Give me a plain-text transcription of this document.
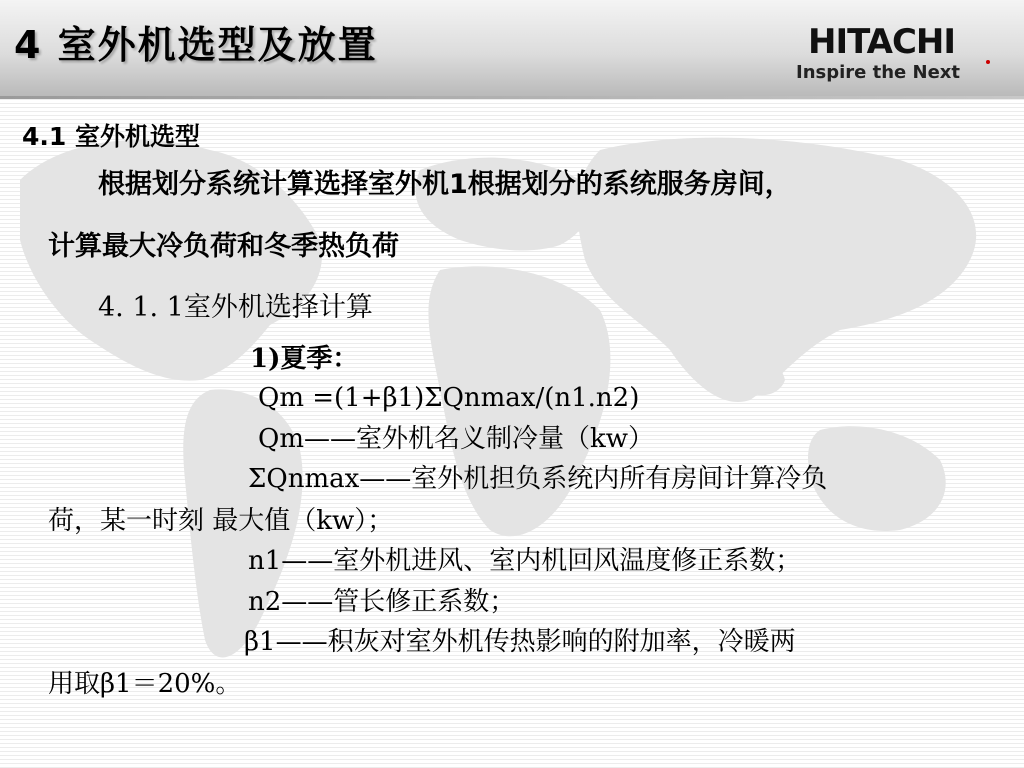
4 室外机选型及放置	HITACHI
Inspire the Next
4.1 室外机选型
根据划分系统计算选择室外机1根据划分的系统服务房间，
计算最大冷负荷和冬季热负荷
4. 1. 1室外机选择计算
1)夏季：
Qm =(1+β1)ΣQnmax/(n1.n2)
Qm——室外机名义制冷量（kw）
ΣQnmax——室外机担负系统内所有房间计算冷负
荷，某一时刻 最大值（kw）；
n1——室外机进风、室内机回风温度修正系数；
n2——管长修正系数；
β1——积灰对室外机传热影响的附加率，冷暖两
用取β1＝20%。
